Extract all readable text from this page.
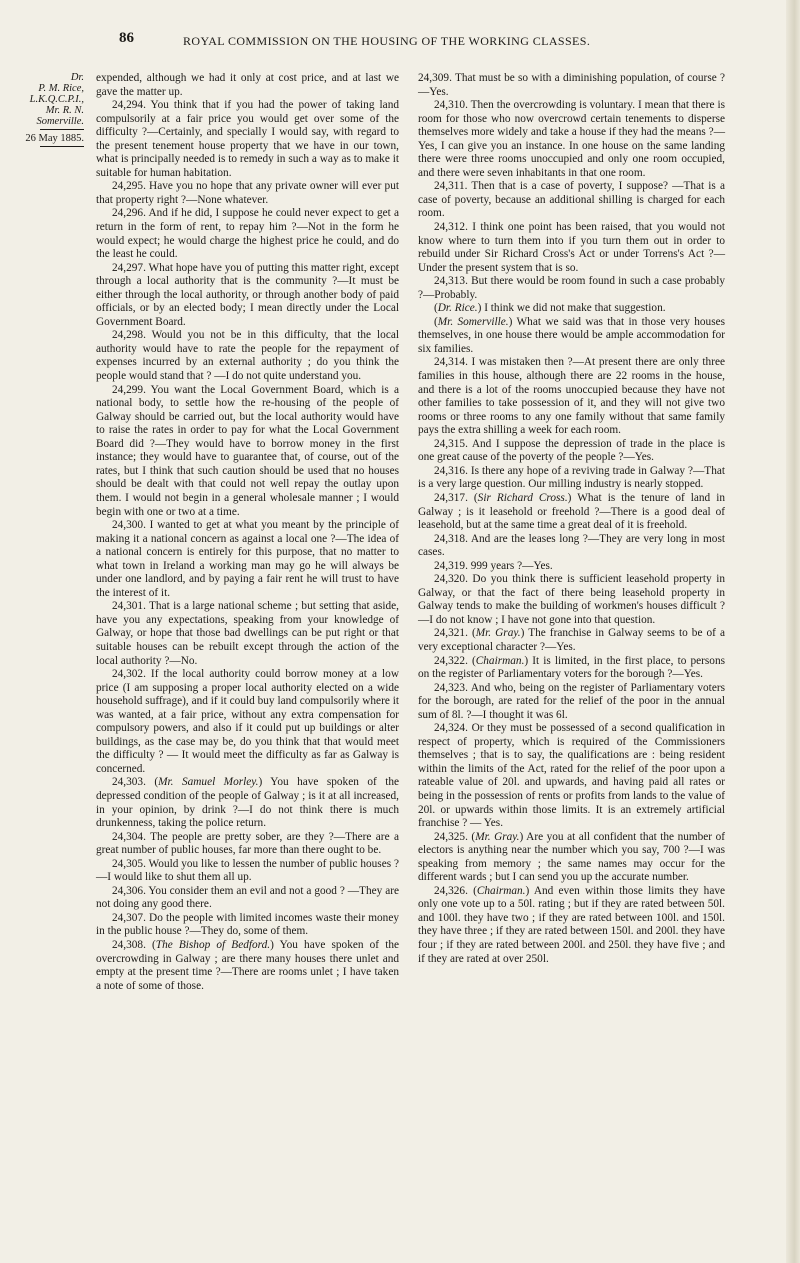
86	ROYAL COMMISSION ON THE HOUSING OF THE WORKING CLASSES.
Dr.
P. M. Rice,
L.K.Q.C.P.I.,
Mr. R. N.
Somerville.
26 May 1885.

expended, although we had it only at cost price, and at last we gave the matter up.

24,294. You think that if you had the power of taking land compulsorily at a fair price you would get over some of the difficulty ?—Certainly, and specially I would say, with regard to the present tenement house property that we have in our town, what is principally needed is to remedy in such a way as to make it suitable for human habitation.

24,295. Have you no hope that any private owner will ever put that property right ?—None whatever.

24,296. And if he did, I suppose he could never expect to get a return in the form of rent, to repay him ?—Not in the form he would expect; he would charge the highest price he could, and do the least he could.

24,297. What hope have you of putting this matter right, except through a local authority that is the community ?—It must be either through the local authority, or through another body of paid officials, or by an elected body; I mean directly under the Local Government Board.

24,298. Would you not be in this difficulty, that the local authority would have to rate the people for the repayment of expenses incurred by an external authority ; do you think the people would stand that ? —I do not quite understand you.

24,299. You want the Local Government Board, which is a national body, to settle how the re-housing of the people of Galway should be carried out, but the local authority would have to raise the rates in order to pay for what the Local Government Board did ?—They would have to borrow money in the first instance; they would have to guarantee that, of course, out of the rates, but I think that such caution should be used that no houses should be dealt with that could not well repay the outlay upon them. I would not begin in a general wholesale manner ; I would begin with one or two at a time.

24,300. I wanted to get at what you meant by the principle of making it a national concern as against a local one ?—The idea of a national concern is entirely for this purpose, that no matter to what town in Ireland a working man may go he will always be under one landlord, and by paying a fair rent he will trust to have the interest of it.

24,301. That is a large national scheme ; but setting that aside, have you any expectations, speaking from your knowledge of Galway, or hope that those bad dwellings can be put right or that suitable houses can be rebuilt except through the action of the local authority ?—No.

24,302. If the local authority could borrow money at a low price (I am supposing a proper local authority elected on a wide household suffrage), and if it could buy land compulsorily where it was wanted, at a fair price, without any extra compensation for compulsory powers, and also if it could put up buildings or alter buildings, as the case may be, do you think that that would meet the difficulty ? — It would meet the difficulty as far as Galway is concerned.

24,303. (Mr. Samuel Morley.) You have spoken of the depressed condition of the people of Galway ; is it at all increased, in your opinion, by drink ?—I do not think there is much drunkenness, taking the police return.

24,304. The people are pretty sober, are they ?—There are a great number of public houses, far more than there ought to be.

24,305. Would you like to lessen the number of public houses ?—I would like to shut them all up.

24,306. You consider them an evil and not a good ? —They are not doing any good there.

24,307. Do the people with limited incomes waste their money in the public house ?—They do, some of them.

24,308. (The Bishop of Bedford.) You have spoken of the overcrowding in Galway ; are there many houses there unlet and empty at the present time ?—There are rooms unlet ; I have taken a note of some of those.

24,309. That must be so with a diminishing population, of course ?—Yes.

24,310. Then the overcrowding is voluntary. I mean that there is room for those who now overcrowd certain tenements to disperse themselves more widely and take a house if they had the means ?—Yes, I can give you an instance. In one house on the same landing there were three rooms unoccupied and only one room occupied, and there were seven inhabitants in that one room.

24,311. Then that is a case of poverty, I suppose? —That is a case of poverty, because an additional shilling is charged for each room.

24,312. I think one point has been raised, that you would not know where to turn them into if you turn them out in order to rebuild under Sir Richard Cross's Act or under Torrens's Act ?—Under the present system that is so.

24,313. But there would be room found in such a case probably ?—Probably.

(Dr. Rice.) I think we did not make that suggestion.

(Mr. Somerville.) What we said was that in those very houses themselves, in one house there would be ample accommodation for six families.

24,314. I was mistaken then ?—At present there are only three families in this house, although there are 22 rooms in the house, and there is a lot of the rooms unoccupied because they have not other families to take possession of it, and they will not give two rooms or three rooms to any one family without that same family pays the extra shilling a week for each room.

24,315. And I suppose the depression of trade in the place is one great cause of the poverty of the people ?—Yes.

24,316. Is there any hope of a reviving trade in Galway ?—That is a very large question. Our milling industry is nearly stopped.

24,317. (Sir Richard Cross.) What is the tenure of land in Galway ; is it leasehold or freehold ?—There is a good deal of leasehold, but at the same time a great deal of it is freehold.

24,318. And are the leases long ?—They are very long in most cases.

24,319. 999 years ?—Yes.

24,320. Do you think there is sufficient leasehold property in Galway, or that the fact of there being leasehold property in Galway tends to make the building of workmen's houses difficult ?—I do not know ; I have not gone into that question.

24,321. (Mr. Gray.) The franchise in Galway seems to be of a very exceptional character ?—Yes.

24,322. (Chairman.) It is limited, in the first place, to persons on the register of Parliamentary voters for the borough ?—Yes.

24,323. And who, being on the register of Parliamentary voters for the borough, are rated for the relief of the poor in the annual sum of 8l. ?—I thought it was 6l.

24,324. Or they must be possessed of a second qualification in respect of property, which is required of the Commissioners themselves ; that is to say, the qualifications are : being resident within the limits of the Act, rated for the relief of the poor upon a rateable value of 20l. and upwards, and having paid all rates or being in the possession of rents or profits from lands to the value of 20l. or upwards within those limits. It is an extremely artificial franchise ? — Yes.

24,325. (Mr. Gray.) Are you at all confident that the number of electors is anything near the number which you say, 700 ?—I was speaking from memory ; the same names may occur for the different wards ; but I can send you up the accurate number.

24,326. (Chairman.) And even within those limits they have only one vote up to a 50l. rating ; but if they are rated between 50l. and 100l. they have two ; if they are rated between 100l. and 150l. they have three ; if they are rated between 150l. and 200l. they have four ; if they are rated between 200l. and 250l. they have five ; and if they are rated at over 250l.
